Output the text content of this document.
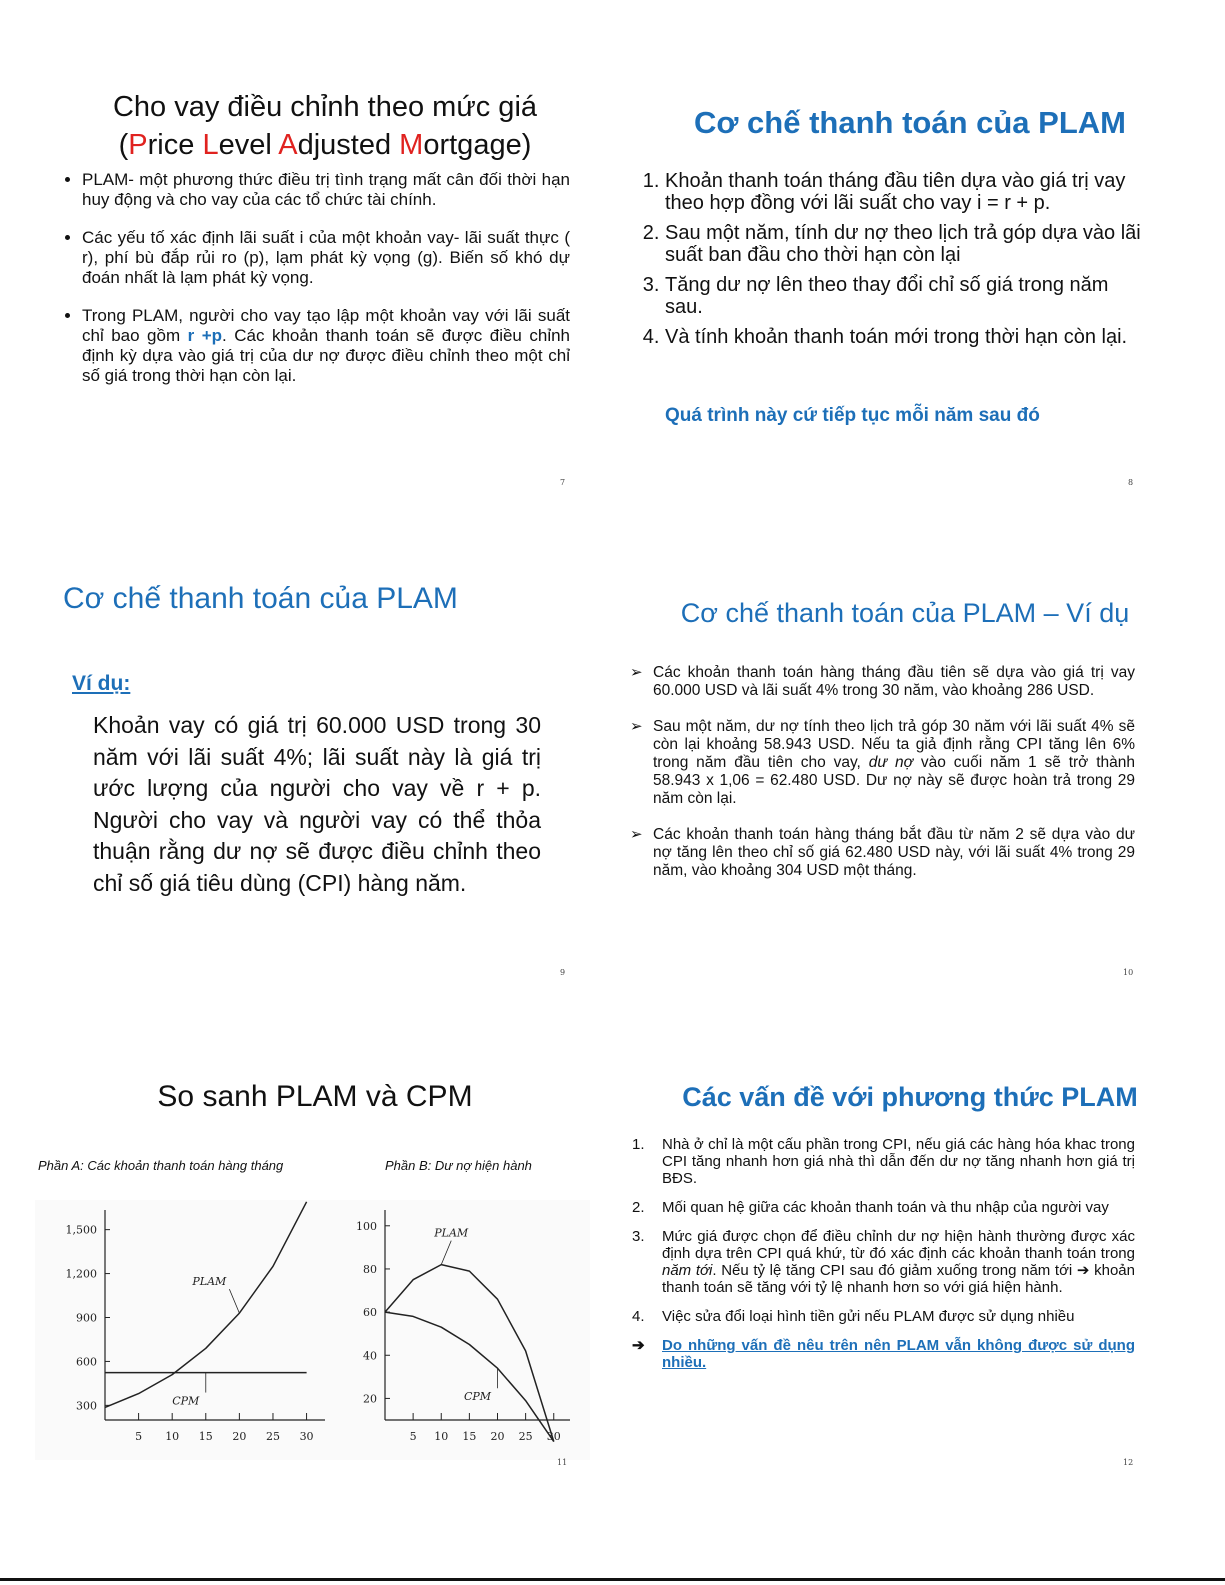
Cho vay điều chỉnh theo mức giá
(Price Level Adjusted Mortgage)
• PLAM- một phương thức điều trị tình trạng mất cân đối thời hạn huy động và cho vay của các tổ chức tài chính.
• Các yếu tố xác định lãi suất i của một khoản vay- lãi suất thực ( r), phí bù đắp rủi ro (p), lạm phát kỳ vọng (g). Biến số khó dự đoán nhất là lạm phát kỳ vọng.
• Trong PLAM, người cho vay tạo lập một khoản vay với lãi suất chỉ bao gồm r +p. Các khoản thanh toán sẽ được điều chỉnh định kỳ dựa vào giá trị của dư nợ được điều chỉnh theo một chỉ số giá trong thời hạn còn lại.
7
Cơ chế thanh toán của PLAM
1. Khoản thanh toán tháng đầu tiên dựa vào giá trị vay theo hợp đồng với lãi suất cho vay i = r + p.
2. Sau một năm, tính dư nợ theo lịch trả góp dựa vào lãi suất ban đầu cho thời hạn còn lại
3. Tăng dư nợ lên theo thay đổi chỉ số giá trong năm sau.
4. Và tính khoản thanh toán mới trong thời hạn còn lại.
Quá trình này cứ tiếp tục mỗi năm sau đó
8
Cơ chế thanh toán của PLAM
Ví dụ:
Khoản vay có giá trị 60.000 USD trong 30 năm với lãi suất 4%; lãi suất này là giá trị ước lượng của người cho vay về r + p. Người cho vay và người vay có thể thỏa thuận rằng dư nợ sẽ được điều chỉnh theo chỉ số giá tiêu dùng (CPI) hàng năm.
9
Cơ chế thanh toán của PLAM – Ví dụ
➢ Các khoản thanh toán hàng tháng đầu tiên sẽ dựa vào giá trị vay 60.000 USD và lãi suất 4% trong 30 năm, vào khoảng 286 USD.
➢ Sau một năm, dư nợ tính theo lịch trả góp 30 năm với lãi suất 4% sẽ còn lại khoảng 58.943 USD. Nếu ta giả định rằng CPI tăng lên 6% trong năm đầu tiên cho vay, dư nợ vào cuối năm 1 sẽ trở thành 58.943 x 1,06 = 62.480 USD. Dư nợ này sẽ được hoàn trả trong 29 năm còn lại.
➢ Các khoản thanh toán hàng tháng bắt đầu từ năm 2 sẽ dựa vào dư nợ tăng lên theo chỉ số giá 62.480 USD này, với lãi suất 4% trong 29 năm, vào khoảng 304 USD một tháng.
10
So sanh PLAM và CPM
Phần A: Các khoản thanh toán hàng tháng	Phần B: Dư nợ hiện hành
300
600
900
1,200
1,500
5 10 15 20 25 30
PLAM
CPM	20
40
60
80
100
5 10 15 20 25 30
PLAM
CPM
11
Các vấn đề với phương thức PLAM
1. Nhà ở chỉ là một cấu phần trong CPI, nếu giá các hàng hóa khac trong CPI tăng nhanh hơn giá nhà thì dẫn đến dư nợ tăng nhanh hơn giá trị BĐS.
2. Mối quan hệ giữa các khoản thanh toán và thu nhập của người vay
3. Mức giá được chọn để điều chỉnh dư nợ hiện hành thường được xác định dựa trên CPI quá khứ, từ đó xác định các khoản thanh toán trong năm tới. Nếu tỷ lệ tăng CPI sau đó giảm xuống trong năm tới ➔ khoản thanh toán sẽ tăng với tỷ lệ nhanh hơn so với giá hiện hành.
4. Việc sửa đổi loại hình tiền gửi nếu PLAM được sử dụng nhiều
➔ Do những vấn đề nêu trên nên PLAM vẫn không được sử dụng nhiều.
12
